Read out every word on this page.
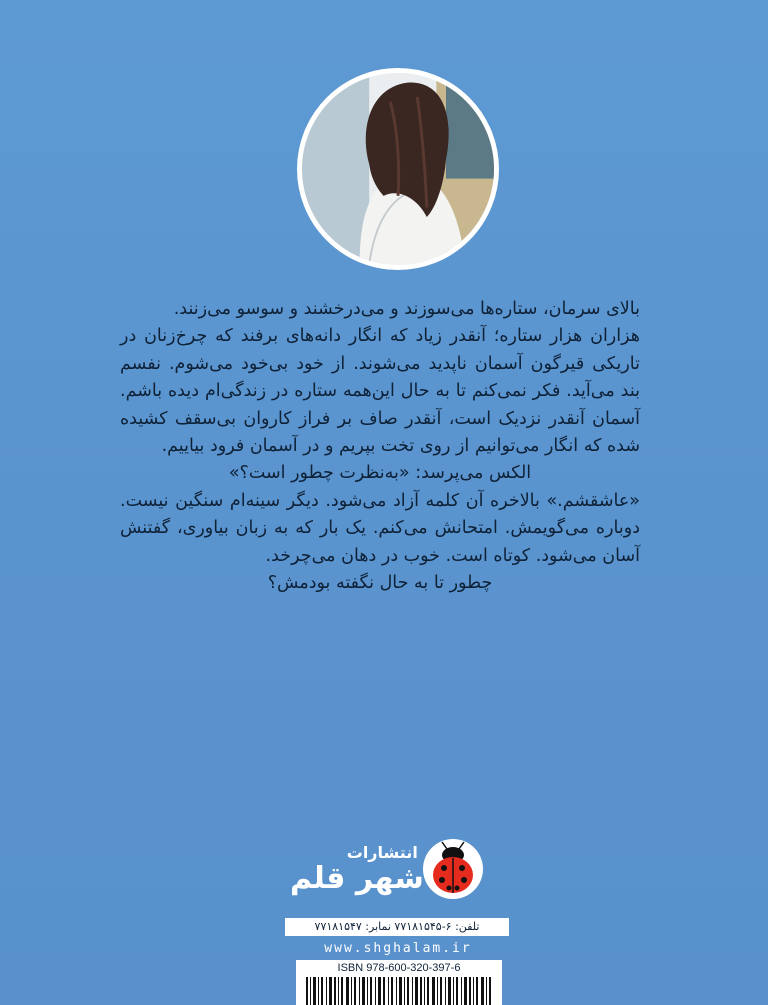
بالای سرمان، ستاره‌ها می‌سوزند و می‌درخشند و سوسو می‌زنند.

هزاران هزار ستاره؛ آنقدر زیاد که انگار دانه‌های برفند که چرخ‌زنان در تاریکی قیرگون آسمان ناپدید می‌شوند. از خود بی‌خود می‌شوم. نفسم بند می‌آید. فکر نمی‌کنم تا به حال این‌همه ستاره در زندگی‌ام دیده باشم. آسمان آنقدر نزدیک است، آنقدر صاف بر فراز کاروان بی‌سقف کشیده شده که انگار می‌توانیم از روی تخت بپریم و در آسمان فرود بیاییم.

الکس می‌پرسد: «به‌نظرت چطور است؟»

«عاشقشم.» بالاخره آن کلمه آزاد می‌شود. دیگر سینه‌ام سنگین نیست. دوباره می‌گویمش. امتحانش می‌کنم. یک بار که به زبان بیاوری، گفتنش آسان می‌شود. کوتاه است. خوب در دهان می‌چرخد.

چطور تا به حال نگفته بودمش؟

انتشارات
شهر قلم
تلفن: ۶-۷۷۱۸۱۵۴۵ نمابر: ۷۷۱۸۱۵۴۷
www.shghalam.ir
ISBN 978-600-320-397-6
